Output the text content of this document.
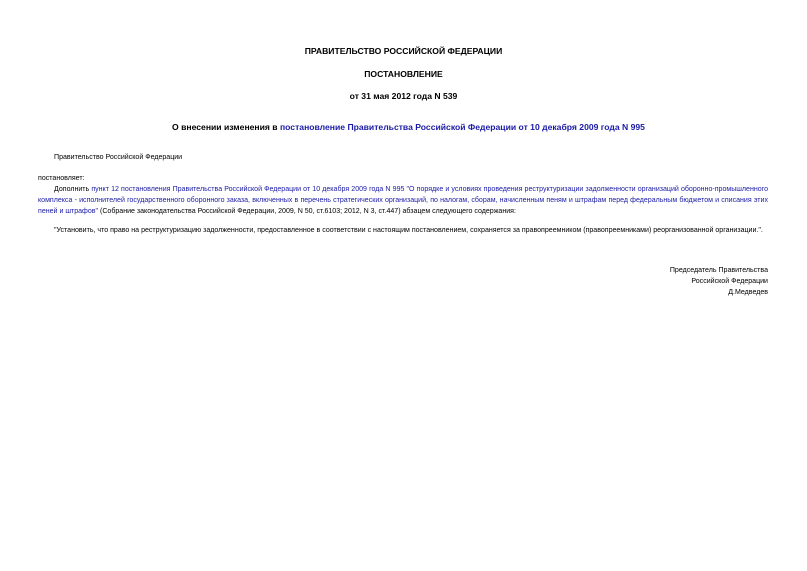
ПРАВИТЕЛЬСТВО РОССИЙСКОЙ ФЕДЕРАЦИИ
ПОСТАНОВЛЕНИЕ
от 31 мая 2012 года N 539
О внесении изменения в постановление Правительства Российской Федерации от 10 декабря 2009 года N 995
Правительство Российской Федерации
постановляет:
Дополнить пункт 12 постановления Правительства Российской Федерации от 10 декабря 2009 года N 995 "О порядке и условиях проведения реструктуризации задолженности организаций оборонно-промышленного комплекса - исполнителей государственного оборонного заказа, включенных в перечень стратегических организаций, по налогам, сборам, начисленным пеням и штрафам перед федеральным бюджетом и списания этих пеней и штрафов" (Собрание законодательства Российской Федерации, 2009, N 50, ст.6103; 2012, N 3, ст.447) абзацем следующего содержания:
"Установить, что право на реструктуризацию задолженности, предоставленное в соответствии с настоящим постановлением, сохраняется за правопреемником (правопреемниками) реорганизованной организации.".
Председатель Правительства
Российской Федерации
Д.Медведев
